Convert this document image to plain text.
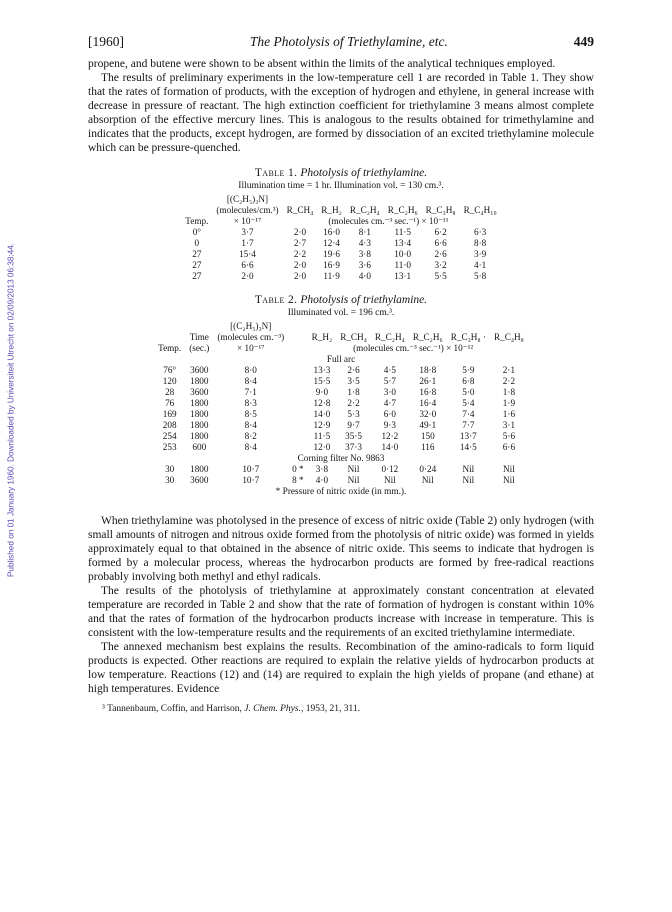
Published on 01 January 1960. Downloaded by Universiteit Utrecht on 02/09/2013 06:38:44.
[1960]	The Photolysis of Triethylamine, etc.	449

propene, and butene were shown to be absent within the limits of the analytical techniques employed.

The results of preliminary experiments in the low-temperature cell 1 are recorded in Table 1. They show that the rates of formation of products, with the exception of hydrogen and ethylene, in general increase with decrease in pressure of reactant. The high extinction coefficient for triethylamine 3 means almost complete absorption of the effective mercury lines. This is analogous to the results obtained for trimethylamine and indicates that the products, except hydrogen, are formed by dissociation of an excited triethylamine molecule which can be pressure-quenched.

Table 1. Photolysis of triethylamine.
Illumination time = 1 hr. Illumination vol. = 130 cm.³.
	[(C₂H₅)₃N]						
	(molecules/cm.³)	R_CH₄	R_H₂	R_C₂H₄	R_C₂H₆	R_C₃H₈	R_C₄H₁₀
Temp.	× 10⁻¹⁷		(molecules cm.⁻³ sec.⁻¹) × 10⁻¹¹				
0°	3·7	2·0	16·0	8·1	11·5	6·2	6·3
0	1·7	2·7	12·4	4·3	13·4	6·6	8·8
27	15·4	2·2	19·6	3·8	10·0	2·6	3·9
27	6·6	2·0	16·9	3·6	11·0	3·2	4·1
27	2·0	2·0	11·9	4·0	13·1	5·5	5·8
Table 2. Photolysis of triethylamine.
Illuminated vol. = 196 cm.³.
		[(C₂H₅)₃N]							
	Time	(molecules cm.⁻³)		R_H₂	R_CH₄	R_C₂H₄	R_C₂H₆	R_C₃H₈ ·	R_C₄H₈
Temp.	(sec.)	× 10⁻¹⁷			(molecules cm.⁻³ sec.⁻¹) × 10⁻¹²				
Full arc									
76°	3600	8·0		13·3	2·6	4·5	18·8	5·9	2·1
120	1800	8·4		15·5	3·5	5·7	26·1	6·8	2·2
28	3600	7·1		9·0	1·8	3·0	16·8	5·0	1·8
76	1800	8·3		12·8	2·2	4·7	16·4	5·4	1·9
169	1800	8·5		14·0	5·3	6·0	32·0	7·4	1·6
208	1800	8·4		12·9	9·7	9·3	49·1	7·7	3·1
254	1800	8·2		11·5	35·5	12·2	150	13·7	5·6
253	600	8·4		12·0	37·3	14·0	116	14·5	6·6
Corning filter No. 9863									
30	1800	10·7	0 *	3·8	Nil	0·12	0·24	Nil	Nil
30	3600	10·7	8 *	4·0	Nil	Nil	Nil	Nil	Nil
* Pressure of nitric oxide (in mm.).

When triethylamine was photolysed in the presence of excess of nitric oxide (Table 2) only hydrogen (with small amounts of nitrogen and nitrous oxide formed from the photolysis of nitric oxide) was formed in yields approximately equal to that obtained in the absence of nitric oxide. This seems to indicate that hydrogen is formed by a molecular process, whereas the hydrocarbon products are formed by free-radical reactions probably involving both methyl and ethyl radicals.

The results of the photolysis of triethylamine at approximately constant concentration at elevated temperature are recorded in Table 2 and show that the rate of formation of hydrogen is constant within 10% and that the rates of formation of the hydrocarbon products increase with increase in temperature. This is consistent with the low-temperature results and the requirements of an excited triethylamine intermediate.

The annexed mechanism best explains the results. Recombination of the amino-radicals to form liquid products is expected. Other reactions are required to explain the relative yields of hydrocarbon products at low temperature. Reactions (12) and (14) are required to explain the high yields of propane (and ethane) at high temperatures. Evidence

³ Tannenbaum, Coffin, and Harrison, J. Chem. Phys., 1953, 21, 311.
